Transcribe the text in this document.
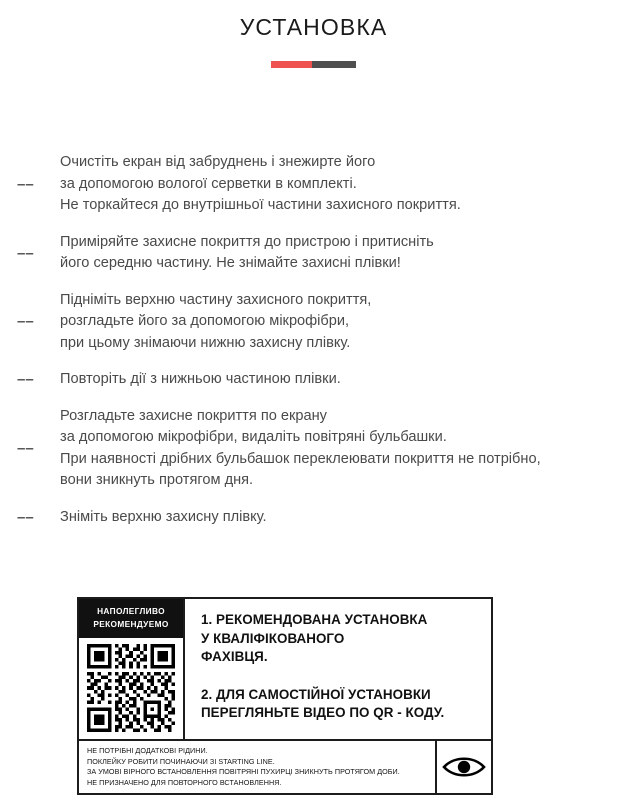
УСТАНОВКА
– –
Очистіть екран від забруднень і знежирте його
за допомогою вологої серветки в комплекті.
Не торкайтеся до внутрішньої частини захисного покриття.
– –
Приміряйте захисне покриття до пристрою і притисніть
його середню частину. Не знімайте захисні плівки!
– –
Підніміть верхню частину захисного покриття,
розгладьте його за допомогою мікрофібри,
при цьому знімаючи нижню захисну плівку.
– –	Повторіть дії з нижньою частиною плівки.
– –
Розгладьте захисне покриття по екрану
за допомогою мікрофібри, видаліть повітряні бульбашки.
При наявності дрібних бульбашок переклеювати покриття не потрібно,
вони зникнуть протягом дня.
– –	Зніміть верхню захисну плівку.
НАПОЛЕГЛИВО
РЕКОМЕНДУЕМО	1. РЕКОМЕНДОВАНА УСТАНОВКА
У КВАЛІФІКОВАНОГО
ФАХІВЦЯ.
2. ДЛЯ САМОСТІЙНОЇ УСТАНОВКИ
ПЕРЕГЛЯНЬТЕ ВІДЕО ПО QR - КОДУ.
НЕ ПОТРІБНІ ДОДАТКОВІ РІДИНИ.
ПОКЛЕЙКУ РОБИТИ ПОЧИНАЮЧИ ЗІ STARTING LINE.
ЗА УМОВІ ВІРНОГО ВСТАНОВЛЕННЯ ПОВІТРЯНІ ПУХИРЦІ ЗНИКНУТЬ ПРОТЯГОМ ДОБИ.
НЕ ПРИЗНАЧЕНО ДЛЯ ПОВТОРНОГО ВСТАНОВЛЕННЯ.
